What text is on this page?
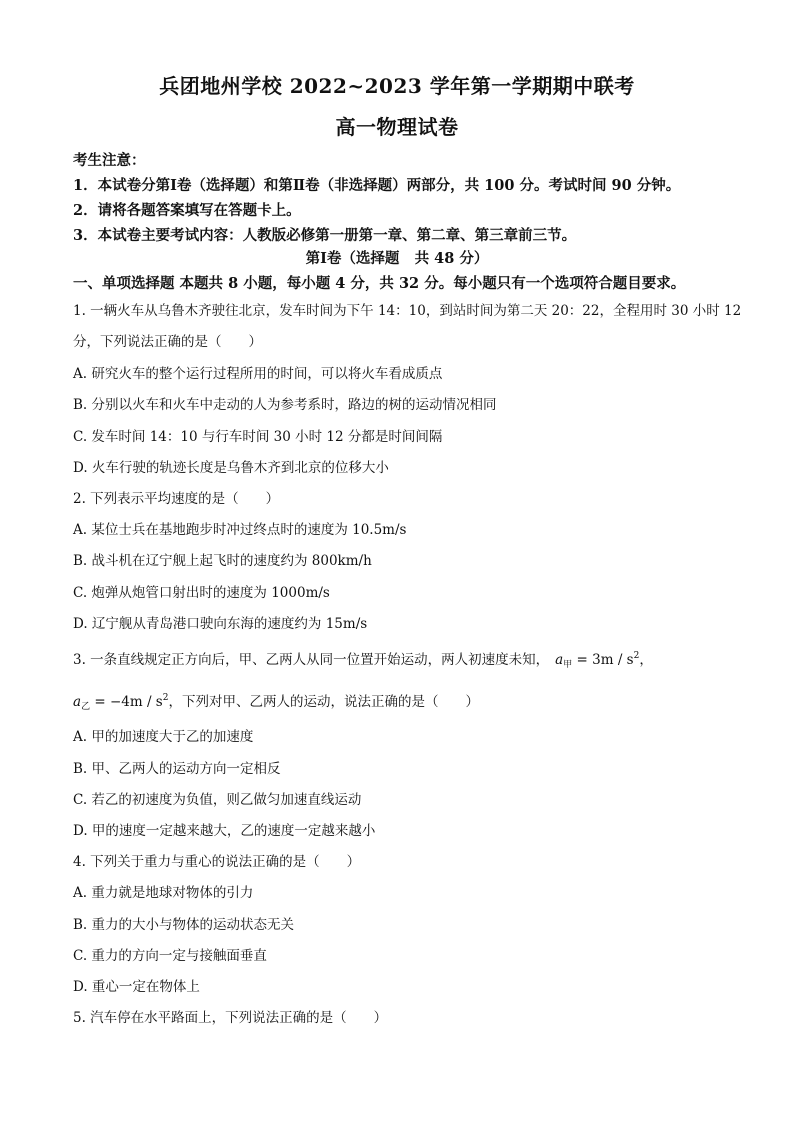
兵团地州学校 2022~2023 学年第一学期期中联考
高一物理试卷
考生注意：
1．本试卷分第Ⅰ卷（选择题）和第Ⅱ卷（非选择题）两部分，共 100 分。考试时间 90 分钟。
2．请将各题答案填写在答题卡上。
3．本试卷主要考试内容：人教版必修第一册第一章、第二章、第三章前三节。
第Ⅰ卷（选择题 共 48 分）
一、单项选择题 本题共 8 小题，每小题 4 分，共 32 分。每小题只有一个选项符合题目要求。
1. 一辆火车从乌鲁木齐驶往北京，发车时间为下午 14：10，到站时间为第二天 20：22，全程用时 30 小时 12
分，下列说法正确的是（　　）
A. 研究火车的整个运行过程所用的时间，可以将火车看成质点
B. 分别以火车和火车中走动的人为参考系时，路边的树的运动情况相同
C. 发车时间 14：10 与行车时间 30 小时 12 分都是时间间隔
D. 火车行驶的轨迹长度是乌鲁木齐到北京的位移大小
2. 下列表示平均速度的是（　　）
A. 某位士兵在基地跑步时冲过终点时的速度为 10.5m/s
B. 战斗机在辽宁舰上起飞时的速度约为 800km/h
C. 炮弹从炮管口射出时的速度为 1000m/s
D. 辽宁舰从青岛港口驶向东海的速度约为 15m/s
3. 一条直线规定正方向后，甲、乙两人从同一位置开始运动，两人初速度未知， $a_甲 = 3m / s^2$，
$a_乙 = -4m / s^2$，下列对甲、乙两人的运动，说法正确的是（　　）
A. 甲的加速度大于乙的加速度
B. 甲、乙两人的运动方向一定相反
C. 若乙的初速度为负值，则乙做匀加速直线运动
D. 甲的速度一定越来越大，乙的速度一定越来越小
4. 下列关于重力与重心的说法正确的是（　　）
A. 重力就是地球对物体的引力
B. 重力的大小与物体的运动状态无关
C. 重力的方向一定与接触面垂直
D. 重心一定在物体上
5. 汽车停在水平路面上，下列说法正确的是（　　）
